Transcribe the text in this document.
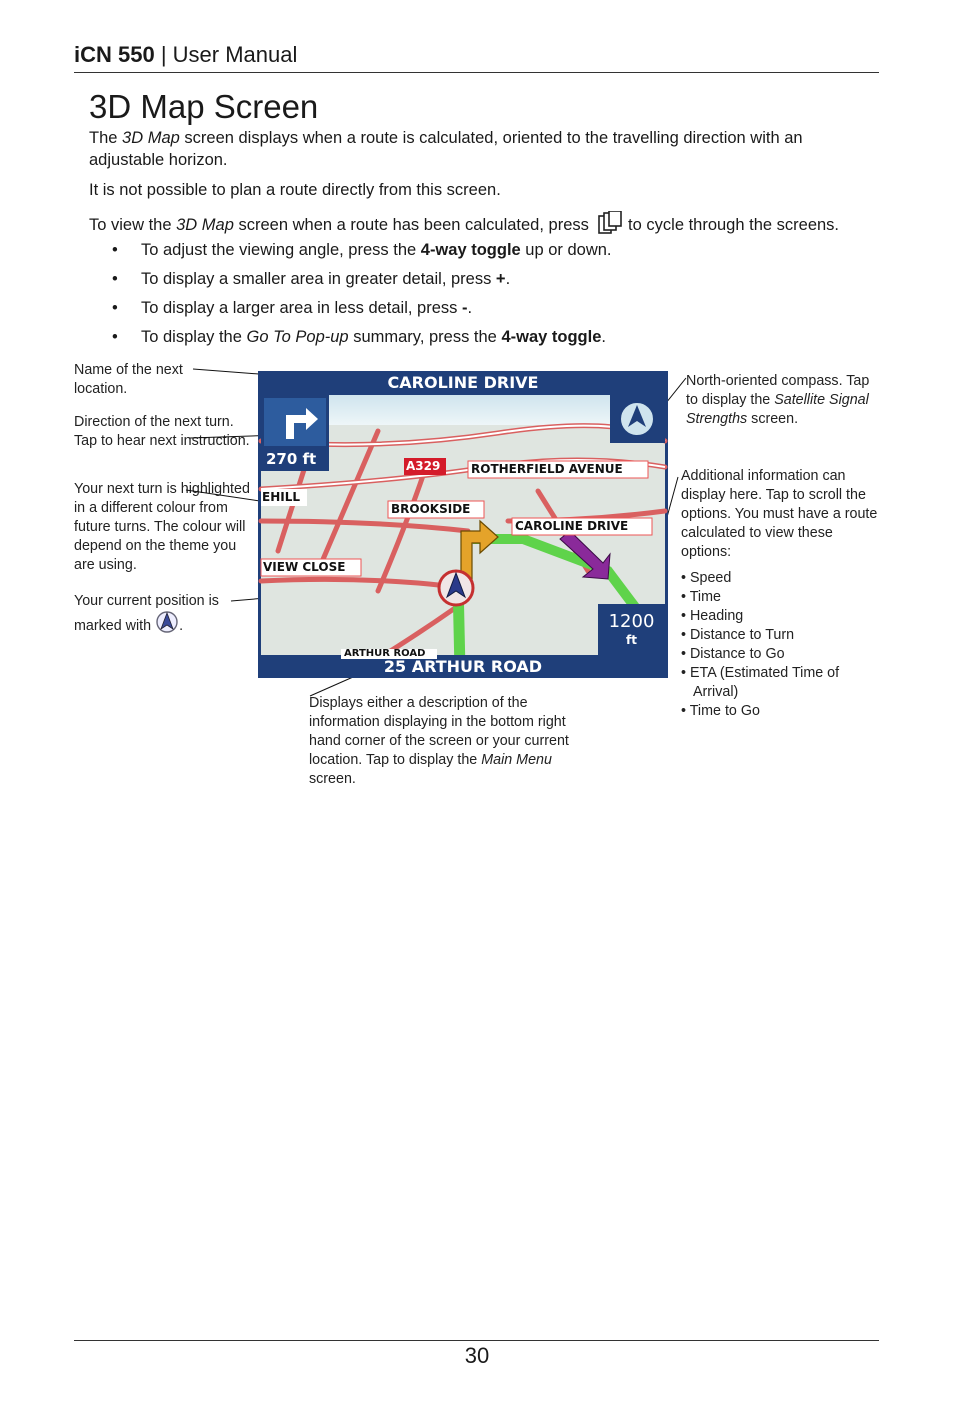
iCN 550 | User Manual
3D Map Screen
The 3D Map screen displays when a route is calculated, oriented to the travelling direction with an adjustable horizon.
It is not possible to plan a route directly from this screen.
To view the 3D Map screen when a route has been calculated, press  to cycle through the screens.
• To adjust the viewing angle, press the 4-way toggle up or down.
• To display a smaller area in greater detail, press +.
• To display a larger area in less detail, press -.
• To display the Go To Pop-up summary, press the 4-way toggle.
Name of the next location.
Direction of the next turn. Tap to hear next instruction.
Your next turn is highlighted in a different colour from future turns. The colour will depend on the theme you are using.
Your current position is marked with .
North-oriented compass. Tap to display the Satellite Signal Strengths screen.
Additional information can display here. Tap to scroll the options. You must have a route calculated to view these options:
• Speed
• Time
• Heading
• Distance to Turn
• Distance to Go
• ETA (Estimated Time of Arrival)
• Time to Go
Displays either a description of the information displaying in the bottom right hand corner of the screen or your current location. Tap to display the Main Menu screen.
CAROLINE DRIVE
270 ft	A329	ROTHERFIELD AVENUE
EHILL
BROOKSIDE
CAROLINE DRIVE
VIEW CLOSE
ARTHUR ROAD
1200
ft
25 ARTHUR ROAD
30
